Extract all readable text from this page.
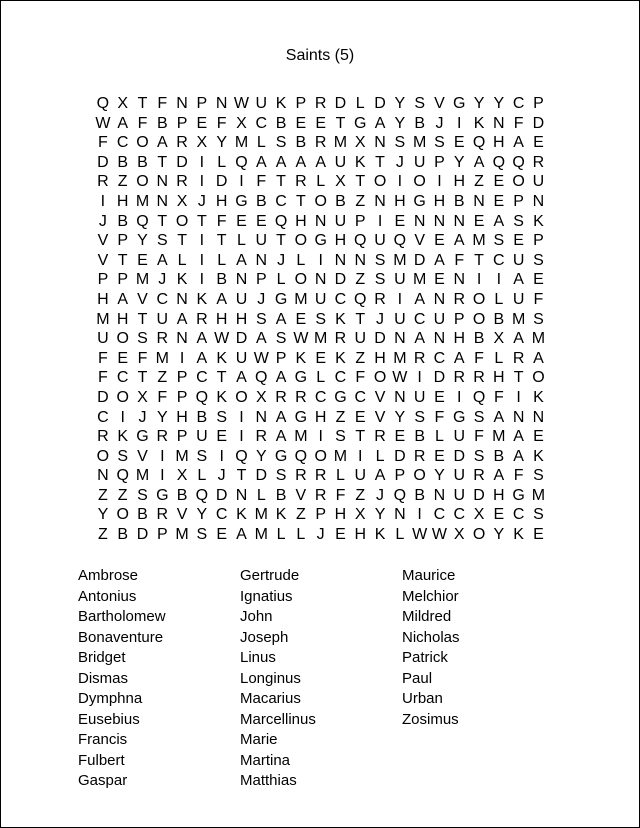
Saints (5)
Q X T F N P N W U K P R D L D Y S V G Y Y C P
W A F B P E F X C B E E T G A Y B J I K N F D
F C O A R X Y M L S B R M X N S M S E Q H A E
D B B T D I L Q A A A A U K T J U P Y A Q Q R
R Z O N R I D I F T R L X T O I O I H Z E O U
I H M N X J H G B C T O B Z N H G H B N E P N
J B Q T O T F E E Q H N U P I E N N N E A S K
V P Y S T I T L U T O G H Q U Q V E A M S E P
V T E A L I L A N J L I N N S M D A F T C U S
P P M J K I B N P L O N D Z S U M E N I I A E
H A V C N K A U J G M U C Q R I A N R O L U F
M H T U A R H H S A E S K T J U C U P O B M S
U O S R N A W D A S W M R U D N A N H B X A M
F E F M I A K U W P K E K Z H M R C A F L R A
F C T Z P C T A Q A G L C F O W I D R R H T O
D O X F P Q K O X R R C G C V N U E I Q F I K
C I J Y H B S I N A G H Z E V Y S F G S A N N
R K G R P U E I R A M I S T R E B L U F M A E
O S V I M S I Q Y G Q O M I L D R E D S B A K
N Q M I X L J T D S R R L U A P O Y U R A F S
Z Z S G B Q D N L B V R F Z J Q B N U D H G M
Y O B R V Y C K M K Z P H X Y N I C C X E C S
Z B D P M S E A M L L J E H K L W W X O Y K E
Ambrose
Antonius
Bartholomew
Bonaventure
Bridget
Dismas
Dymphna
Eusebius
Francis
Fulbert
Gaspar
Gertrude
Ignatius
John
Joseph
Linus
Longinus
Macarius
Marcellinus
Marie
Martina
Matthias
Maurice
Melchior
Mildred
Nicholas
Patrick
Paul
Urban
Zosimus
